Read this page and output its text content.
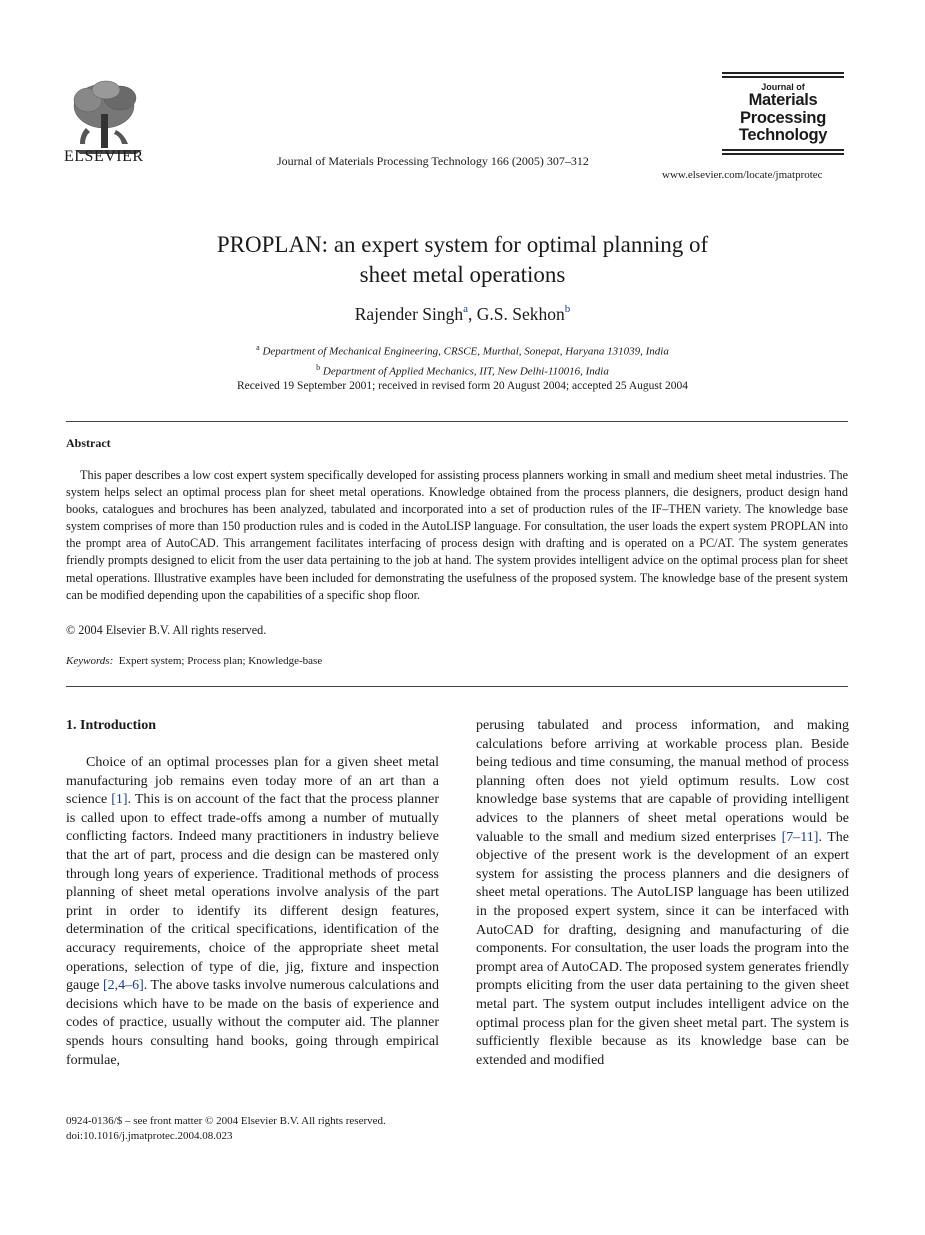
ELSEVIER	Journal of Materials Processing Technology 166 (2005) 307–312
Journal of
Materials
Processing
Technology
www.elsevier.com/locate/jmatprotec
PROPLAN: an expert system for optimal planning of
sheet metal operations
Rajender Singh$^a$, G.S. Sekhon$^b$
$^a$ Department of Mechanical Engineering, CRSCE, Murthal, Sonepat, Haryana 131039, India
$^b$ Department of Applied Mechanics, IIT, New Delhi-110016, India
Received 19 September 2001; received in revised form 20 August 2004; accepted 25 August 2004
Abstract
This paper describes a low cost expert system specifically developed for assisting process planners working in small and medium sheet metal industries. The system helps select an optimal process plan for sheet metal operations. Knowledge obtained from the process planners, die designers, product design hand books, catalogues and brochures has been analyzed, tabulated and incorporated into a set of production rules of the IF–THEN variety. The knowledge base system comprises of more than 150 production rules and is coded in the AutoLISP language. For consultation, the user loads the expert system PROPLAN into the prompt area of AutoCAD. This arrangement facilitates interfacing of process design with drafting and is operated on a PC/AT. The system generates friendly prompts designed to elicit from the user data pertaining to the job at hand. The system provides intelligent advice on the optimal process plan for sheet metal operations. Illustrative examples have been included for demonstrating the usefulness of the proposed system. The knowledge base of the present system can be modified depending upon the capabilities of a specific shop floor.
© 2004 Elsevier B.V. All rights reserved.
Keywords: Expert system; Process plan; Knowledge-base
1. Introduction
Choice of an optimal processes plan for a given sheet metal manufacturing job remains even today more of an art than a science [1]. This is on account of the fact that the process planner is called upon to effect trade-offs among a number of mutually conflicting factors. Indeed many practitioners in industry believe that the art of part, process and die design can be mastered only through long years of experience. Traditional methods of process planning of sheet metal operations involve analysis of the part print in order to identify its different design features, determination of the critical specifications, identification of the accuracy requirements, choice of the appropriate sheet metal operations, selection of type of die, jig, fixture and inspection gauge [2,4–6]. The above tasks involve numerous calculations and decisions which have to be made on the basis of experience and codes of practice, usually without the computer aid. The planner spends hours consulting hand books, going through empirical formulae,
perusing tabulated and process information, and making calculations before arriving at workable process plan. Beside being tedious and time consuming, the manual method of process planning often does not yield optimum results. Low cost knowledge base systems that are capable of providing intelligent advices to the planners of sheet metal operations would be valuable to the small and medium sized enterprises [7–11]. The objective of the present work is the development of an expert system for assisting the process planners and die designers of sheet metal operations. The AutoLISP language has been utilized in the proposed expert system, since it can be interfaced with AutoCAD for drafting, designing and manufacturing of die components. For consultation, the user loads the program into the prompt area of AutoCAD. The proposed system generates friendly prompts eliciting from the user data pertaining to the given sheet metal part. The system output includes intelligent advice on the optimal process plan for the given sheet metal part. The system is sufficiently flexible because as its knowledge base can be extended and modified
0924-0136/$ – see front matter © 2004 Elsevier B.V. All rights reserved.
doi:10.1016/j.jmatprotec.2004.08.023
